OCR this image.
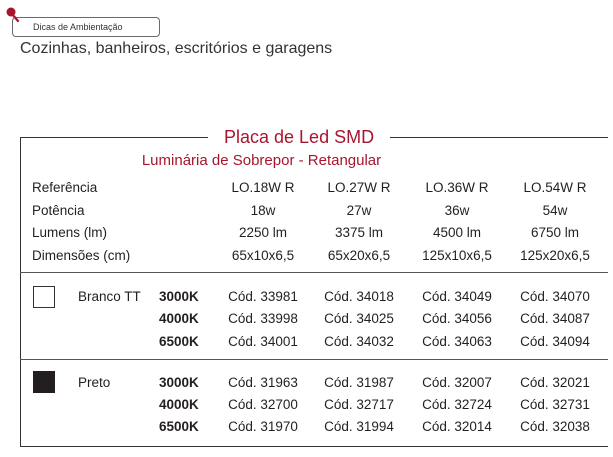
Dicas de Ambientação
Cozinhas, banheiros, escritórios e garagens
Placa de Led SMD
Luminária de Sobrepor - Retangular
Referência	LO.18W R	LO.27W R	LO.36W R	LO.54W R
Potência	18w	27w	36w	54w
Lumens (lm)	2250 lm	3375 lm	4500 lm	6750 lm
Dimensões (cm)	65x10x6,5	65x20x6,5	125x10x6,5	125x20x6,5
Branco TT 3000K	Cód. 33981	Cód. 34018	Cód. 34049	Cód. 34070
4000K	Cód. 33998	Cód. 34025	Cód. 34056	Cód. 34087
6500K	Cód. 34001	Cód. 34032	Cód. 34063	Cód. 34094
Preto	3000K	Cód. 31963	Cód. 31987	Cód. 32007	Cód. 32021
4000K	Cód. 32700	Cód. 32717	Cód. 32724	Cód. 32731
6500K	Cód. 31970	Cód. 31994	Cód. 32014	Cód. 32038
